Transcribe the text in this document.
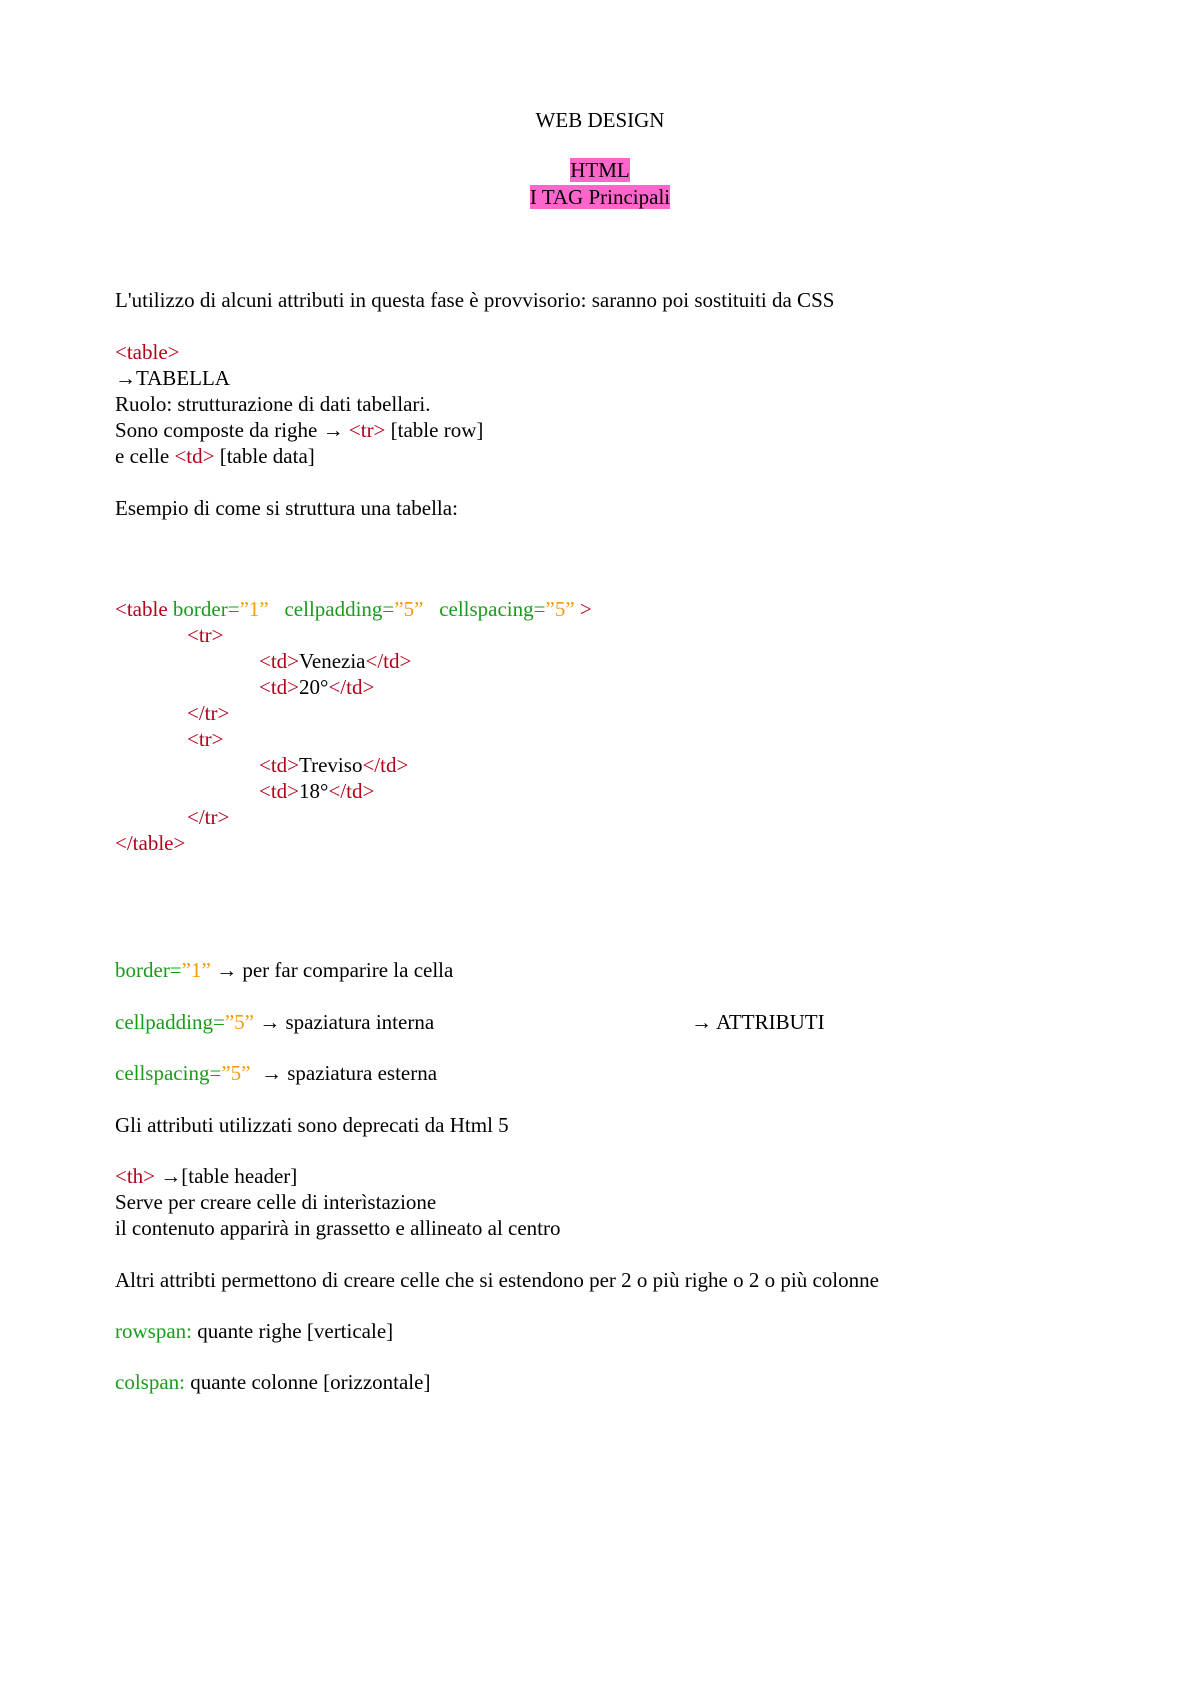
WEB DESIGN

HTML

I TAG Principali

L'utilizzo di alcuni attributi in questa fase è provvisorio: saranno poi sostituiti da CSS

<table>

→TABELLA

Ruolo: strutturazione di dati tabellari.

Sono composte da righe → <tr> [table row]

e celle <td> [table data]

Esempio di come si struttura una tabella:

<table border=”1” cellpadding=”5” cellspacing=”5” >

<tr>

<td>Venezia</td>

<td>20°</td>

</tr>

<tr>

<td>Treviso</td>

<td>18°</td>

</tr>

</table>

border=”1” → per far comparire la cella

cellpadding=”5” → spaziatura interna	→ ATTRIBUTI

cellspacing=”5”  → spaziatura esterna

Gli attributi utilizzati sono deprecati da Html 5

<th> →[table header]

Serve per creare celle di interìstazione

il contenuto apparirà in grassetto e allineato al centro

Altri attribti permettono di creare celle che si estendono per 2 o più righe o 2 o più colonne

rowspan: quante righe [verticale]

colspan: quante colonne [orizzontale]
